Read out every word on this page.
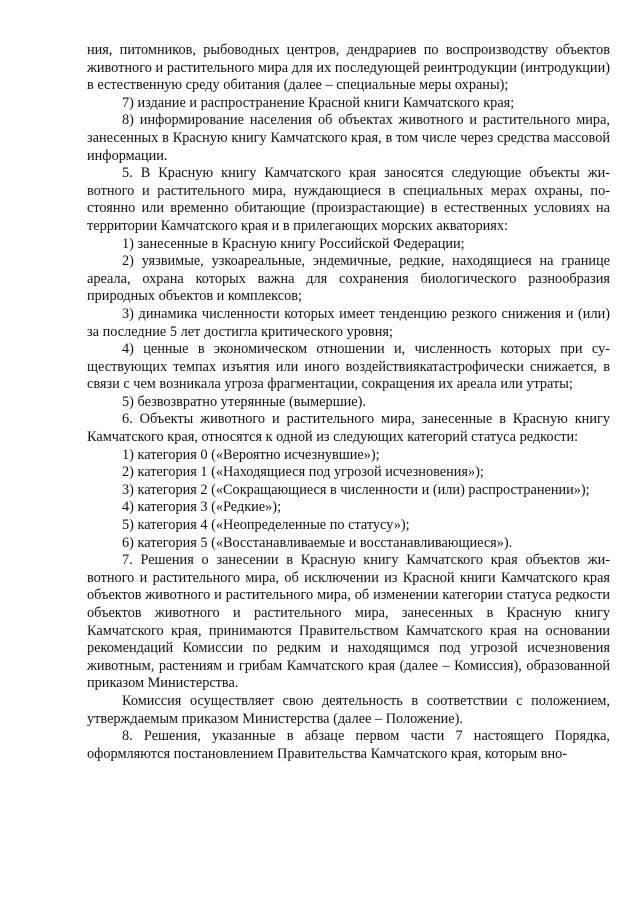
ния, питомников, рыбоводных центров, дендрариев по воспроизводству объектов животного и растительного мира для их последующей реинтродукции (интродукции) в естественную среду обитания (далее – специальные меры охраны);

7) издание и распространение Красной книги Камчатского края;

8) информирование населения об объектах животного и растительного мира, занесенных в Красную книгу Камчатского края, в том числе через средства массовой информации.

5. В Красную книгу Камчатского края заносятся следующие объекты животного и растительного мира, нуждающиеся в специальных мерах охраны, постоянно или временно обитающие (произрастающие) в естественных условиях на территории Камчатского края и в прилегающих морских акваториях:

1) занесенные в Красную книгу Российской Федерации;

2) уязвимые, узкоареальные, эндемичные, редкие, находящиеся на границе ареала, охрана которых важна для сохранения биологического разнообразия природных объектов и комплексов;

3) динамика численности которых имеет тенденцию резкого снижения и (или) за последние 5 лет достигла критического уровня;

4) ценные в экономическом отношении и, численность которых при существующих темпах изъятия или иного воздействиякатастрофически снижается, в связи с чем возникала угроза фрагментации, сокращения их ареала или утраты;

5) безвозвратно утерянные (вымершие).

6. Объекты животного и растительного мира, занесенные в Красную книгу Камчатского края, относятся к одной из следующих категорий статуса редкости:

1) категория 0 («Вероятно исчезнувшие»);

2) категория 1 («Находящиеся под угрозой исчезновения»);

3) категория 2 («Сокращающиеся в численности и (или) распространении»);

4) категория 3 («Редкие»);

5) категория 4 («Неопределенные по статусу»);

6) категория 5 («Восстанавливаемые и восстанавливающиеся»).

7. Решения о занесении в Красную книгу Камчатского края объектов животного и растительного мира, об исключении из Красной книги Камчатского края объектов животного и растительного мира, об изменении категории статуса редкости объектов животного и растительного мира, занесенных в Красную книгу Камчатского края, принимаются Правительством Камчатского края на основании рекомендаций Комиссии по редким и находящимся под угрозой исчезновения животным, растениям и грибам Камчатского края (далее – Комиссия), образованной приказом Министерства.

Комиссия осуществляет свою деятельность в соответствии с положением, утверждаемым приказом Министерства (далее – Положение).

8. Решения, указанные в абзаце первом части 7 настоящего Порядка, оформляются постановлением Правительства Камчатского края, которым вно-
